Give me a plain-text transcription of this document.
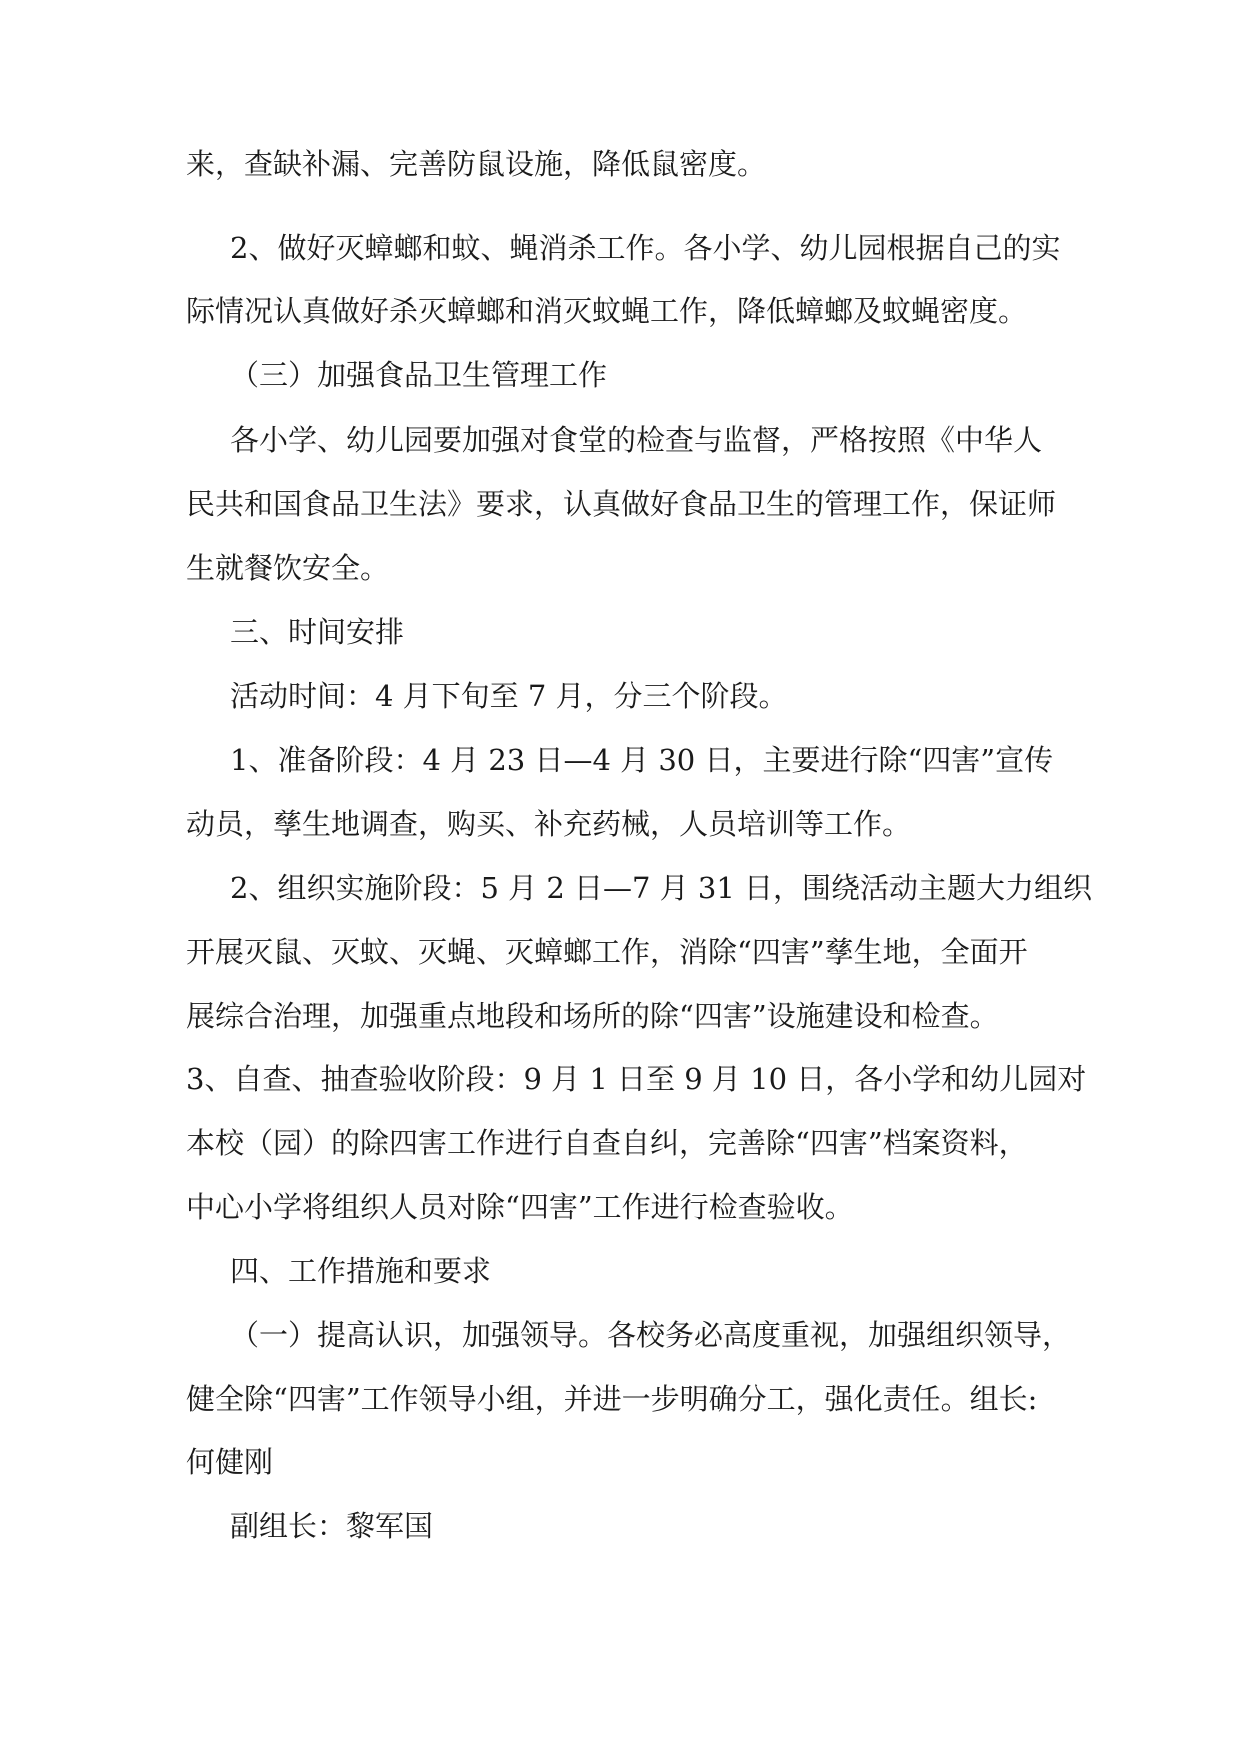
来，查缺补漏、完善防鼠设施，降低鼠密度。
2、做好灭蟑螂和蚊、蝇消杀工作。各小学、幼儿园根据自己的实
际情况认真做好杀灭蟑螂和消灭蚊蝇工作，降低蟑螂及蚊蝇密度。
（三）加强食品卫生管理工作
各小学、幼儿园要加强对食堂的检查与监督，严格按照《中华人
民共和国食品卫生法》要求，认真做好食品卫生的管理工作，保证师
生就餐饮安全。
三、时间安排
活动时间：4 月下旬至 7 月，分三个阶段。
1、准备阶段：4 月 23 日—4 月 30 日，主要进行除“四害”宣传
动员，孳生地调查，购买、补充药械，人员培训等工作。
2、组织实施阶段：5 月 2 日—7 月 31 日，围绕活动主题大力组织
开展灭鼠、灭蚊、灭蝇、灭蟑螂工作，消除“四害”孳生地，全面开
展综合治理，加强重点地段和场所的除“四害”设施建设和检查。
3、自查、抽查验收阶段：9 月 1 日至 9 月 10 日，各小学和幼儿园对
本校（园）的除四害工作进行自查自纠，完善除“四害”档案资料，
中心小学将组织人员对除“四害”工作进行检查验收。
四、工作措施和要求
（一）提高认识，加强领导。各校务必高度重视，加强组织领导，
健全除“四害”工作领导小组，并进一步明确分工，强化责任。组长:
何健刚
副组长：黎军国
